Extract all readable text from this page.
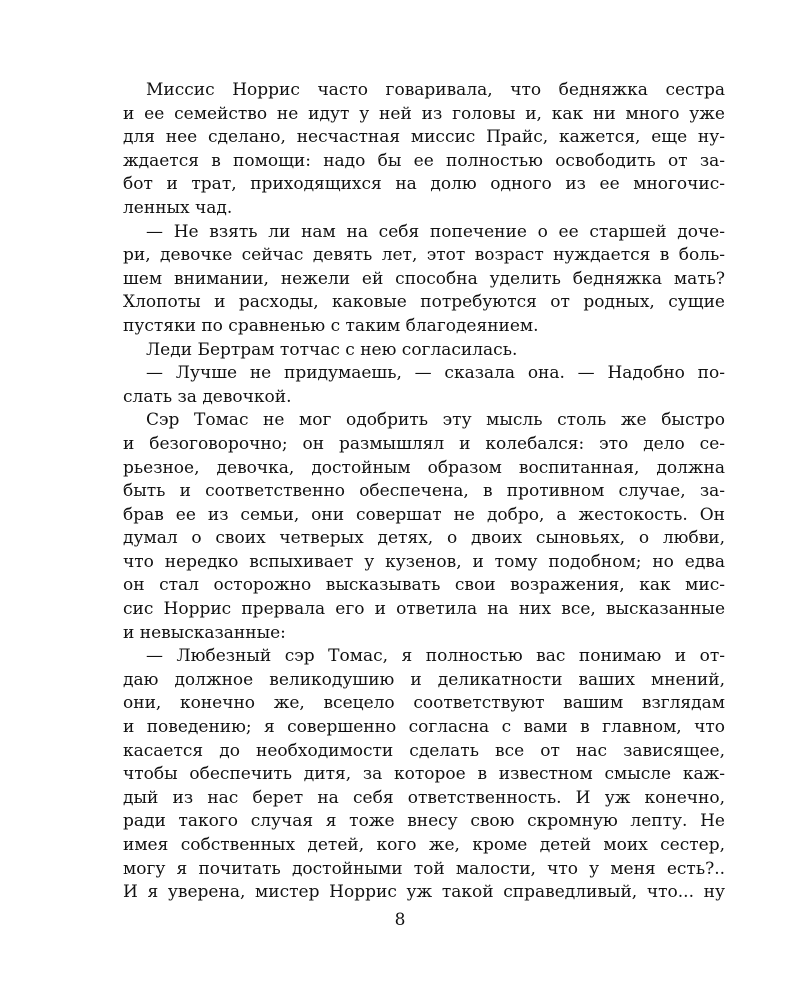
Миссис Норрис часто говаривала, что бедняжка сестра
и ее семейство не идут у ней из головы и, как ни много уже
для нее сделано, несчастная миссис Прайс, кажется, еще ну-
ждается в помощи: надо бы ее полностью освободить от за-
бот и трат, приходящихся на долю одного из ее многочис-
ленных чад.
— Не взять ли нам на себя попечение о ее старшей доче-
ри, девочке сейчас девять лет, этот возраст нуждается в боль-
шем внимании, нежели ей способна уделить бедняжка мать?
Хлопоты и расходы, каковые потребуются от родных, сущие
пустяки по сравненью с таким благодеянием.
Леди Бертрам тотчас с нею согласилась.
— Лучше не придумаешь, — сказала она. — Надобно по-
слать за девочкой.
Сэр Томас не мог одобрить эту мысль столь же быстро
и безоговорочно; он размышлял и колебался: это дело се-
рьезное, девочка, достойным образом воспитанная, должна
быть и соответственно обеспечена, в противном случае, за-
брав ее из семьи, они совершат не добро, а жестокость. Он
думал о своих четверых детях, о двоих сыновьях, о любви,
что нередко вспыхивает у кузенов, и тому подобном; но едва
он стал осторожно высказывать свои возражения, как мис-
сис Норрис прервала его и ответила на них все, высказанные
и невысказанные:
— Любезный сэр Томас, я полностью вас понимаю и от-
даю должное великодушию и деликатности ваших мнений,
они, конечно же, всецело соответствуют вашим взглядам
и поведению; я совершенно согласна с вами в главном, что
касается до необходимости сделать все от нас зависящее,
чтобы обеспечить дитя, за которое в известном смысле каж-
дый из нас берет на себя ответственность. И уж конечно,
ради такого случая я тоже внесу свою скромную лепту. Не
имея собственных детей, кого же, кроме детей моих сестер,
могу я почитать достойными той малости, что у меня есть?..
И я уверена, мистер Норрис уж такой справедливый, что... ну
8
